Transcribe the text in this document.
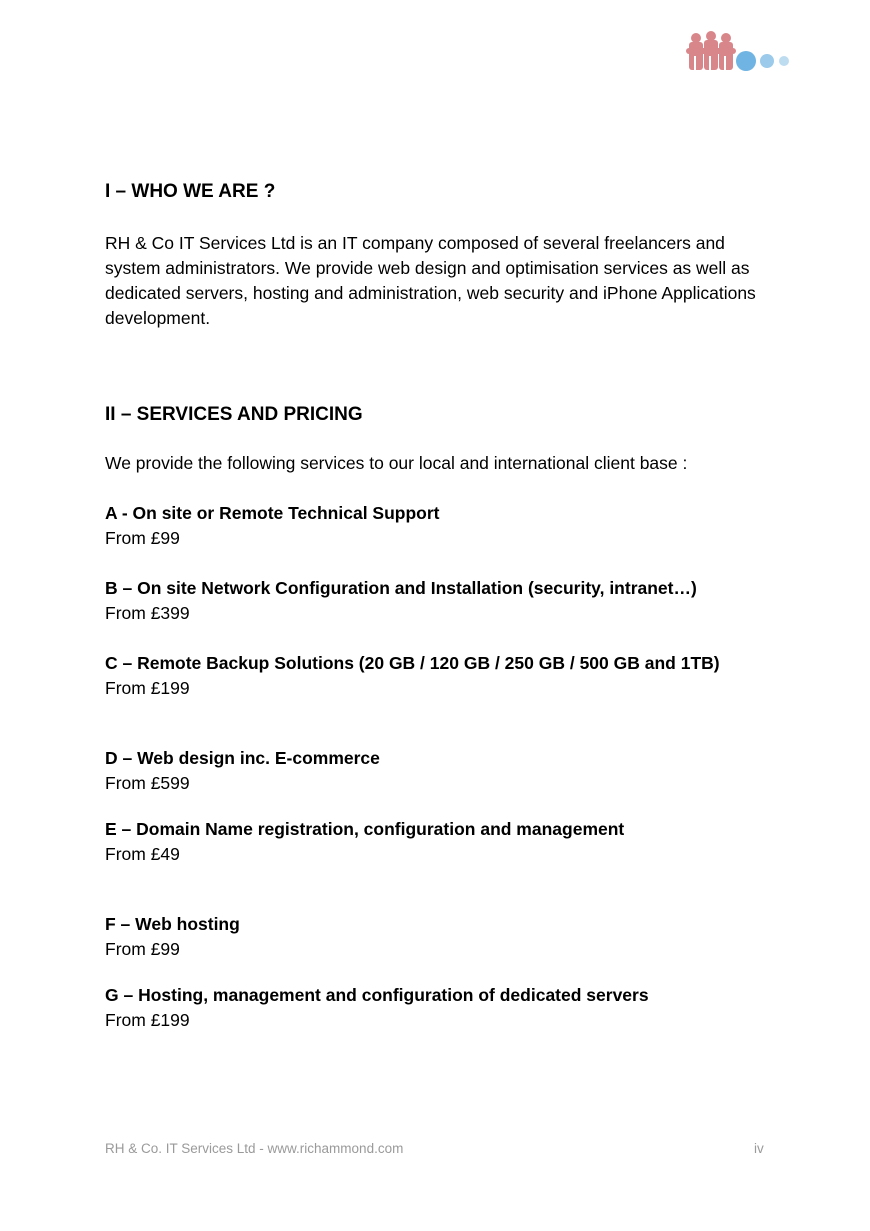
I – WHO WE ARE ?
RH & Co IT Services Ltd is an IT company composed of several freelancers and system administrators. We provide web design and optimisation services as well as dedicated servers, hosting and administration, web security and iPhone Applications development.
II – SERVICES AND PRICING
We provide the following services to our local and international client base :
A - On site or Remote Technical Support
From £99
B – On site Network Configuration and Installation (security, intranet…)
From £399
C – Remote Backup Solutions (20 GB / 120 GB / 250 GB / 500 GB and 1TB)
From £199
D – Web design inc. E-commerce
From £599
E – Domain Name registration, configuration and management
From £49
F – Web hosting
From £99
G – Hosting, management and configuration of dedicated servers
From £199
RH & Co. IT Services Ltd - www.richammond.com	iv
